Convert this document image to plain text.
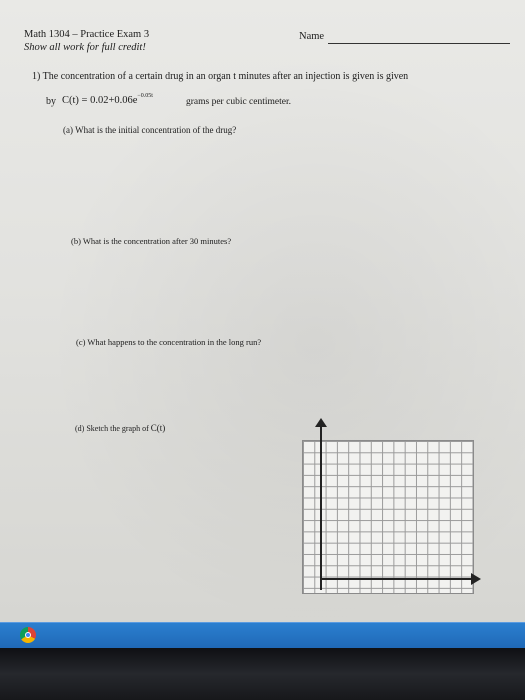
Math 1304 – Practice Exam 3
Show all work for full credit!
Name
1) The concentration of a certain drug in an organ t minutes after an injection is given is given
by $C(t) = 0.02+0.06e^{-0.05t}$
grams per cubic centimeter.
(a) What is the initial concentration of the drug?
(b) What is the concentration after 30 minutes?
(c) What happens to the concentration in the long run?
(d) Sketch the graph of C(t)
